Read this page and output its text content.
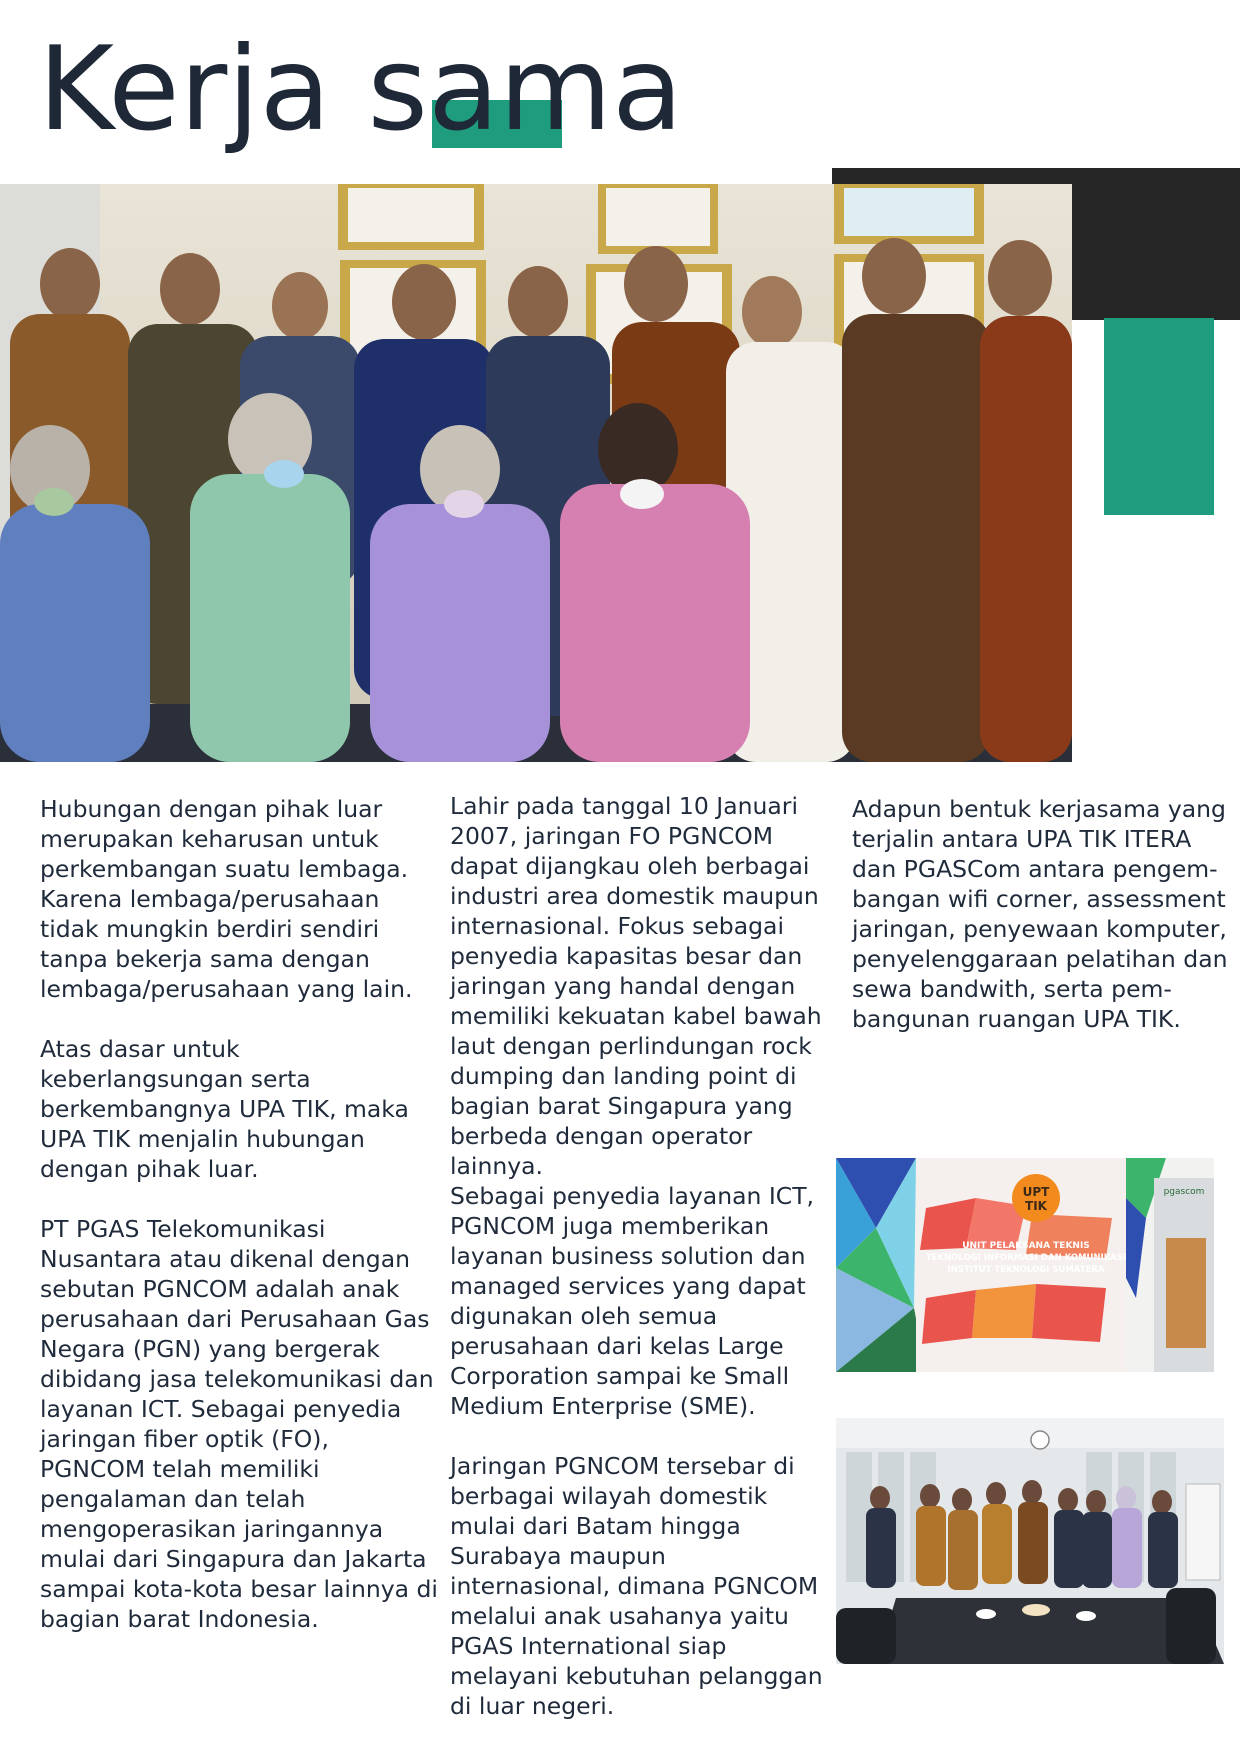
Kerja sama

Hubungan dengan pihak luar merupakan keharusan untuk perkembangan suatu lembaga. Karena lembaga/perusahaan tidak mungkin berdiri sendiri tanpa bekerja sama dengan lembaga/perusahaan yang lain.

Atas dasar untuk keberlangsungan serta berkembangnya UPA TIK, maka UPA TIK menjalin hubungan dengan pihak luar.

PT PGAS Telekomunikasi Nusantara atau dikenal dengan sebutan PGNCOM adalah anak perusahaan dari Perusahaan Gas Negara (PGN) yang bergerak dibidang jasa telekomunikasi dan layanan ICT. Sebagai penyedia jaringan fiber optik (FO), PGNCOM telah memiliki pengalaman dan telah mengoperasikan jaringannya mulai dari Singapura dan Jakarta sampai kota-kota besar lainnya di bagian barat Indonesia.

Lahir pada tanggal 10 Januari 2007, jaringan FO PGNCOM dapat dijangkau oleh berbagai industri area domestik maupun internasional. Fokus sebagai penyedia kapasitas besar dan jaringan yang handal dengan memiliki kekuatan kabel bawah laut dengan perlindungan rock dumping dan landing point di bagian barat Singapura yang berbeda dengan operator lainnya.

Sebagai penyedia layanan ICT, PGNCOM juga memberikan layanan business solution dan managed services yang dapat digunakan oleh semua perusahaan dari kelas Large Corporation sampai ke Small Medium Enterprise (SME).

Jaringan PGNCOM tersebar di berbagai wilayah domestik mulai dari Batam hingga Surabaya maupun internasional, dimana PGNCOM melalui anak usahanya yaitu PGAS International siap melayani kebutuhan pelanggan di luar negeri.

Adapun bentuk kerjasama yang terjalin antara UPA TIK ITERA dan PGASCom antara pengem-bangan wifi corner, assessment jaringan, penyewaan komputer, penyelenggaraan pelatihan dan sewa bandwith, serta pem-bangunan ruangan UPA TIK.

UPT
TIK
UNIT PELAKSANA TEKNIS
TEKNOLOGI INFORMASI DAN KOMUNIKASI
INSTITUT TEKNOLOGI SUMATERA
pgascom
